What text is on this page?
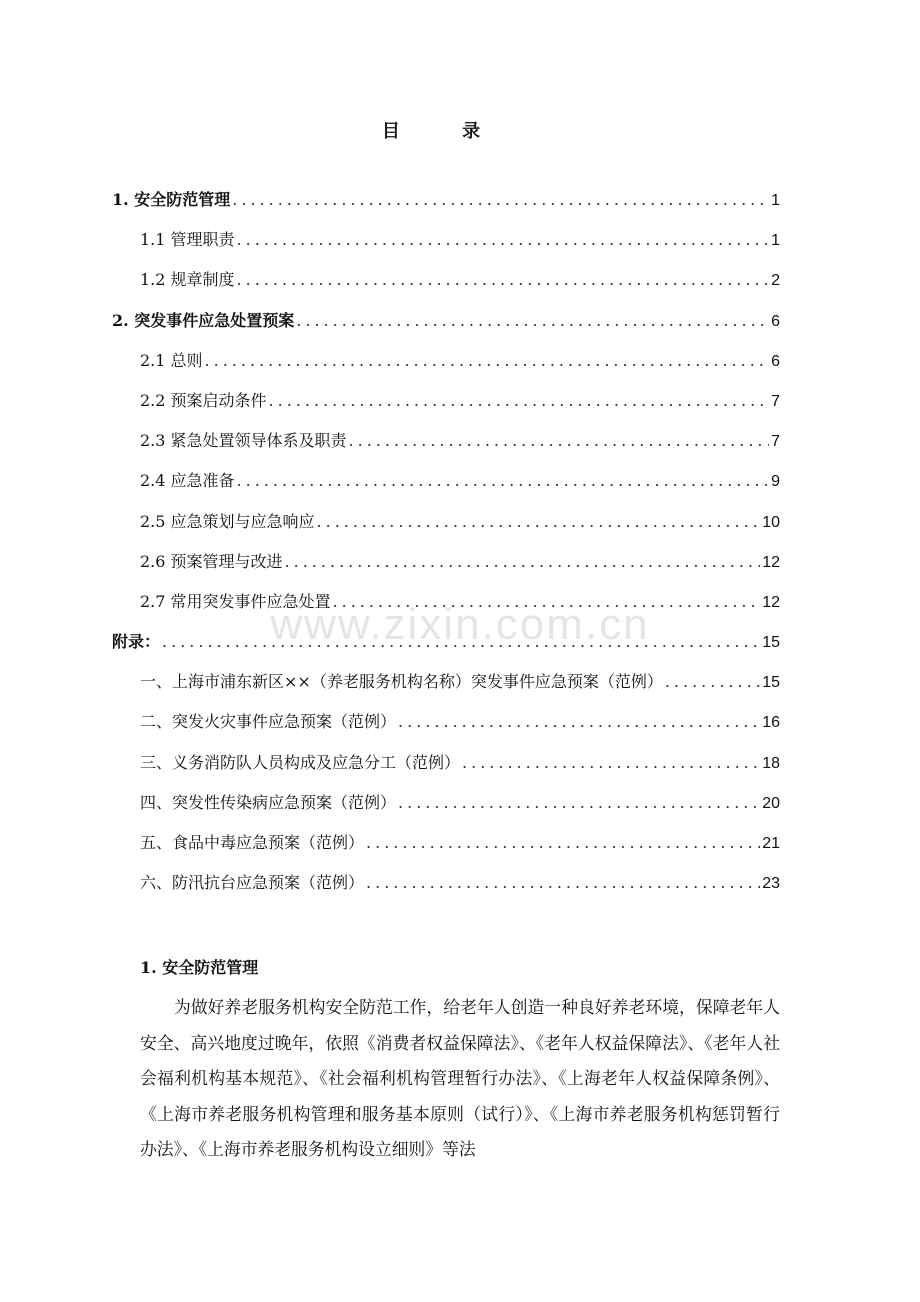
目 录
1. 安全防范管理 .....	1
1.1 管理职责 .....	1
1.2 规章制度 .....	2
2. 突发事件应急处置预案 .....	6
2.1 总则 .....	6
2.2 预案启动条件 .....	7
2.3 紧急处置领导体系及职责 .....	7
2.4 应急准备 .....	9
2.5 应急策划与应急响应 .....	10
2.6 预案管理与改进 .....	12
2.7 常用突发事件应急处置 .....	12
附录： .....	15
一、上海市浦东新区××（养老服务机构名称）突发事件应急预案（范例） .....	15
二、突发火灾事件应急预案（范例） .....	16
三、义务消防队人员构成及应急分工（范例） .....	18
四、突发性传染病应急预案（范例） .....	20
五、食品中毒应急预案（范例） .....	21
六、防汛抗台应急预案（范例） .....	23
www.zixin.com.cn
1. 安全防范管理

为做好养老服务机构安全防范工作，给老年人创造一种良好养老环境，保障老年人安全、高兴地度过晚年，依照《消费者权益保障法》、《老年人权益保障法》、《老年人社会福利机构基本规范》、《社会福利机构管理暂行办法》、《上海老年人权益保障条例》、《上海市养老服务机构管理和服务基本原则（试行）》、《上海市养老服务机构惩罚暂行办法》、《上海市养老服务机构设立细则》等法
